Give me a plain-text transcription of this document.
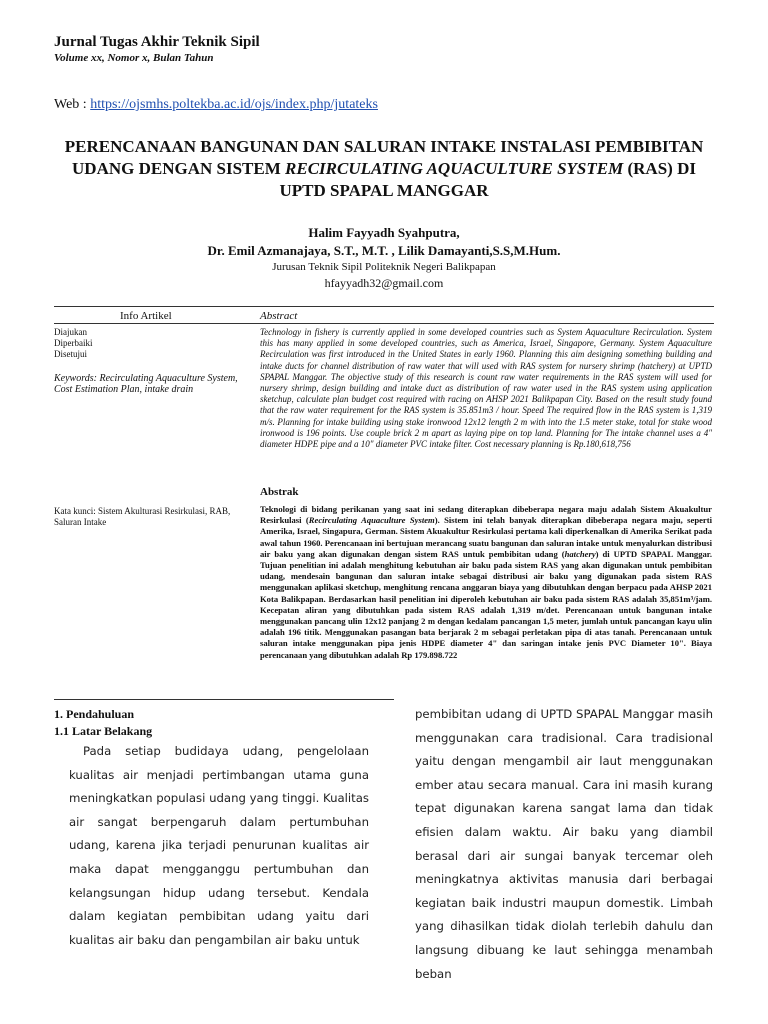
Jurnal Tugas Akhir Teknik Sipil
Volume xx, Nomor x, Bulan Tahun
Web : https://ojsmhs.poltekba.ac.id/ojs/index.php/jutateks
PERENCANAAN BANGUNAN DAN SALURAN INTAKE INSTALASI PEMBIBITAN UDANG DENGAN SISTEM RECIRCULATING AQUACULTURE SYSTEM (RAS) DI UPTD SPAPAL MANGGAR
Halim Fayyadh Syahputra,
Dr. Emil Azmanajaya, S.T., M.T. , Lilik Damayanti,S.S,M.Hum.
Jurusan Teknik Sipil Politeknik Negeri Balikpapan
hfayyadh32@gmail.com
Info Artikel	Abstract
Diajukan
Diperbaiki
Disetujui
Keywords: Recirculating Aquaculture System, Cost Estimation Plan, intake drain
Technology in fishery is currently applied in some developed countries such as System Aquaculture Recirculation. System this has many applied in some developed countries, such as America, Israel, Singapore, Germany. System Aquaculture Recirculation was first introduced in the United States in early 1960. Planning this aim designing something building and intake ducts for channel distribution of raw water that will used with RAS system for nursery shrimp (hatchery) at UPTD SPAPAL Manggar. The objective study of this research is count raw water requirements in the RAS system will used for nursery shrimp, design building and intake duct as distribution of raw water used in the RAS system using application sketchup, calculate plan budget cost required with racing on AHSP 2021 Balikpapan City. Based on the result study found that the raw water requirement for the RAS system is 35.851m3 / hour. Speed The required flow in the RAS system is 1,319 m/s. Planning for intake building using stake ironwood 12x12 length 2 m with into the 1.5 meter stake, total for stake wood ironwood is 196 points. Use couple brick 2 m apart as laying pipe on top land. Planning for The intake channel uses a 4" diameter HDPE pipe and a 10" diameter PVC intake filter. Cost necessary planning is Rp.180,618,756
Abstrak
Kata kunci: Sistem Akulturasi Resirkulasi, RAB, Saluran Intake
Teknologi di bidang perikanan yang saat ini sedang diterapkan dibeberapa negara maju adalah Sistem Akuakultur Resirkulasi (Recirculating Aquaculture System). Sistem ini telah banyak diterapkan dibeberapa negara maju, seperti Amerika, Israel, Singapura, German. Sistem Akuakultur Resirkulasi pertama kali diperkenalkan di Amerika Serikat pada awal tahun 1960. Perencanaan ini bertujuan merancang suatu bangunan dan saluran intake untuk menyalurkan distribusi air baku yang akan digunakan dengan sistem RAS untuk pembibitan udang (hatchery) di UPTD SPAPAL Manggar. Tujuan penelitian ini adalah menghitung kebutuhan air baku pada sistem RAS yang akan digunakan untuk pembibitan udang, mendesain bangunan dan saluran intake sebagai distribusi air baku yang digunakan pada sistem RAS menggunakan aplikasi sketchup, menghitung rencana anggaran biaya yang dibutuhkan dengan berpacu pada AHSP 2021 Kota Balikpapan. Berdasarkan hasil penelitian ini diperoleh kebutuhan air baku pada sistem RAS adalah 35,851m³/jam. Kecepatan aliran yang dibutuhkan pada sistem RAS adalah 1,319 m/det. Perencanaan untuk bangunan intake menggunakan pancang ulin 12x12 panjang 2 m dengan kedalam pancangan 1,5 meter, jumlah untuk pancangan kayu ulin adalah 196 titik. Menggunakan pasangan bata berjarak 2 m sebagai perletakan pipa di atas tanah. Perencanaan untuk saluran intake menggunakan pipa jenis HDPE diameter 4" dan saringan intake jenis PVC Diameter 10". Biaya perencanaan yang dibutuhkan adalah Rp 179.898.722
1. Pendahuluan
1.1 Latar Belakang

Pada setiap budidaya udang, pengelolaan kualitas air menjadi pertimbangan utama guna meningkatkan populasi udang yang tinggi. Kualitas air sangat berpengaruh dalam pertumbuhan udang, karena jika terjadi penurunan kualitas air maka dapat mengganggu pertumbuhan dan kelangsungan hidup udang tersebut. Kendala dalam kegiatan pembibitan udang yaitu dari kualitas air baku dan pengambilan air baku untuk

pembibitan udang di UPTD SPAPAL Manggar masih menggunakan cara tradisional. Cara tradisional yaitu dengan mengambil air laut menggunakan ember atau secara manual. Cara ini masih kurang tepat digunakan karena sangat lama dan tidak efisien dalam waktu. Air baku yang diambil berasal dari air sungai banyak tercemar oleh meningkatnya aktivitas manusia dari berbagai kegiatan baik industri maupun domestik. Limbah yang dihasilkan tidak diolah terlebih dahulu dan langsung dibuang ke laut sehingga menambah beban
